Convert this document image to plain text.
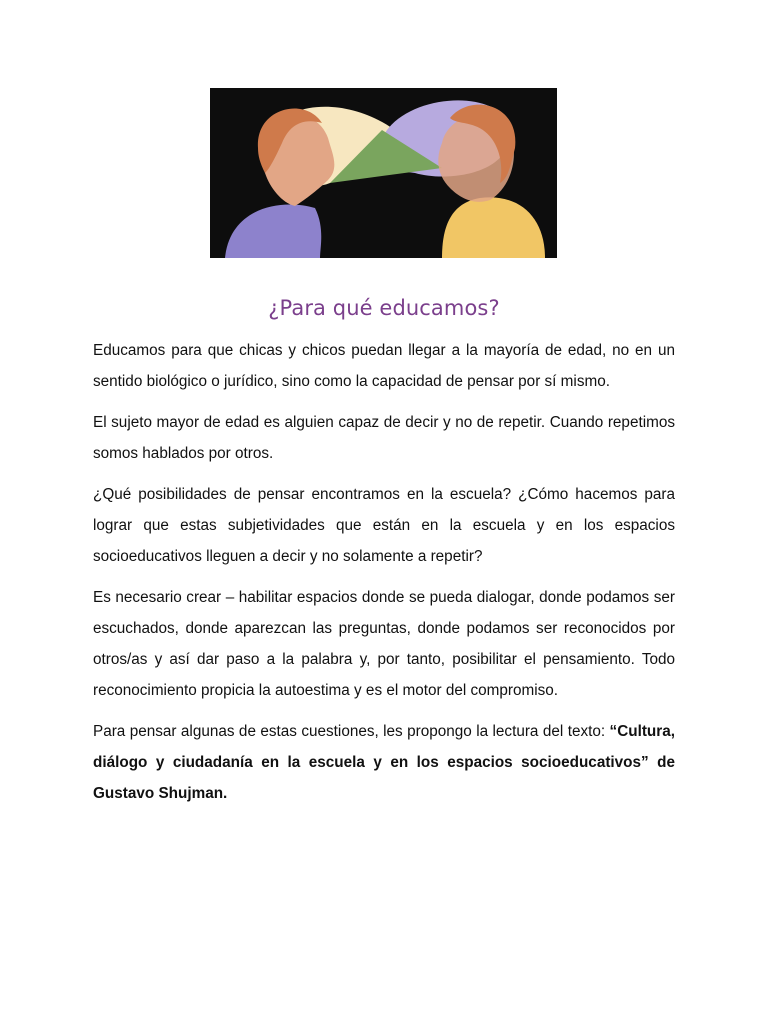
¿Para qué educamos?

Educamos para que chicas y chicos puedan llegar a la mayoría de edad, no en un sentido biológico o jurídico, sino como la capacidad de pensar por sí mismo.

El sujeto mayor de edad es alguien capaz de decir y no de repetir. Cuando repetimos somos hablados por otros.

¿Qué posibilidades de pensar encontramos en la escuela? ¿Cómo hacemos para lograr que estas subjetividades que están en la escuela y en los espacios socioeducativos lleguen a decir y no solamente a repetir?

Es necesario crear – habilitar espacios donde se pueda dialogar, donde podamos ser escuchados, donde aparezcan las preguntas, donde podamos ser reconocidos por otros/as y así dar paso a la palabra y, por tanto, posibilitar el pensamiento. Todo reconocimiento propicia la autoestima y es el motor del compromiso.

Para pensar algunas de estas cuestiones, les propongo la lectura del texto: “Cultura, diálogo y ciudadanía en la escuela y en los espacios socioeducativos” de Gustavo Shujman.
